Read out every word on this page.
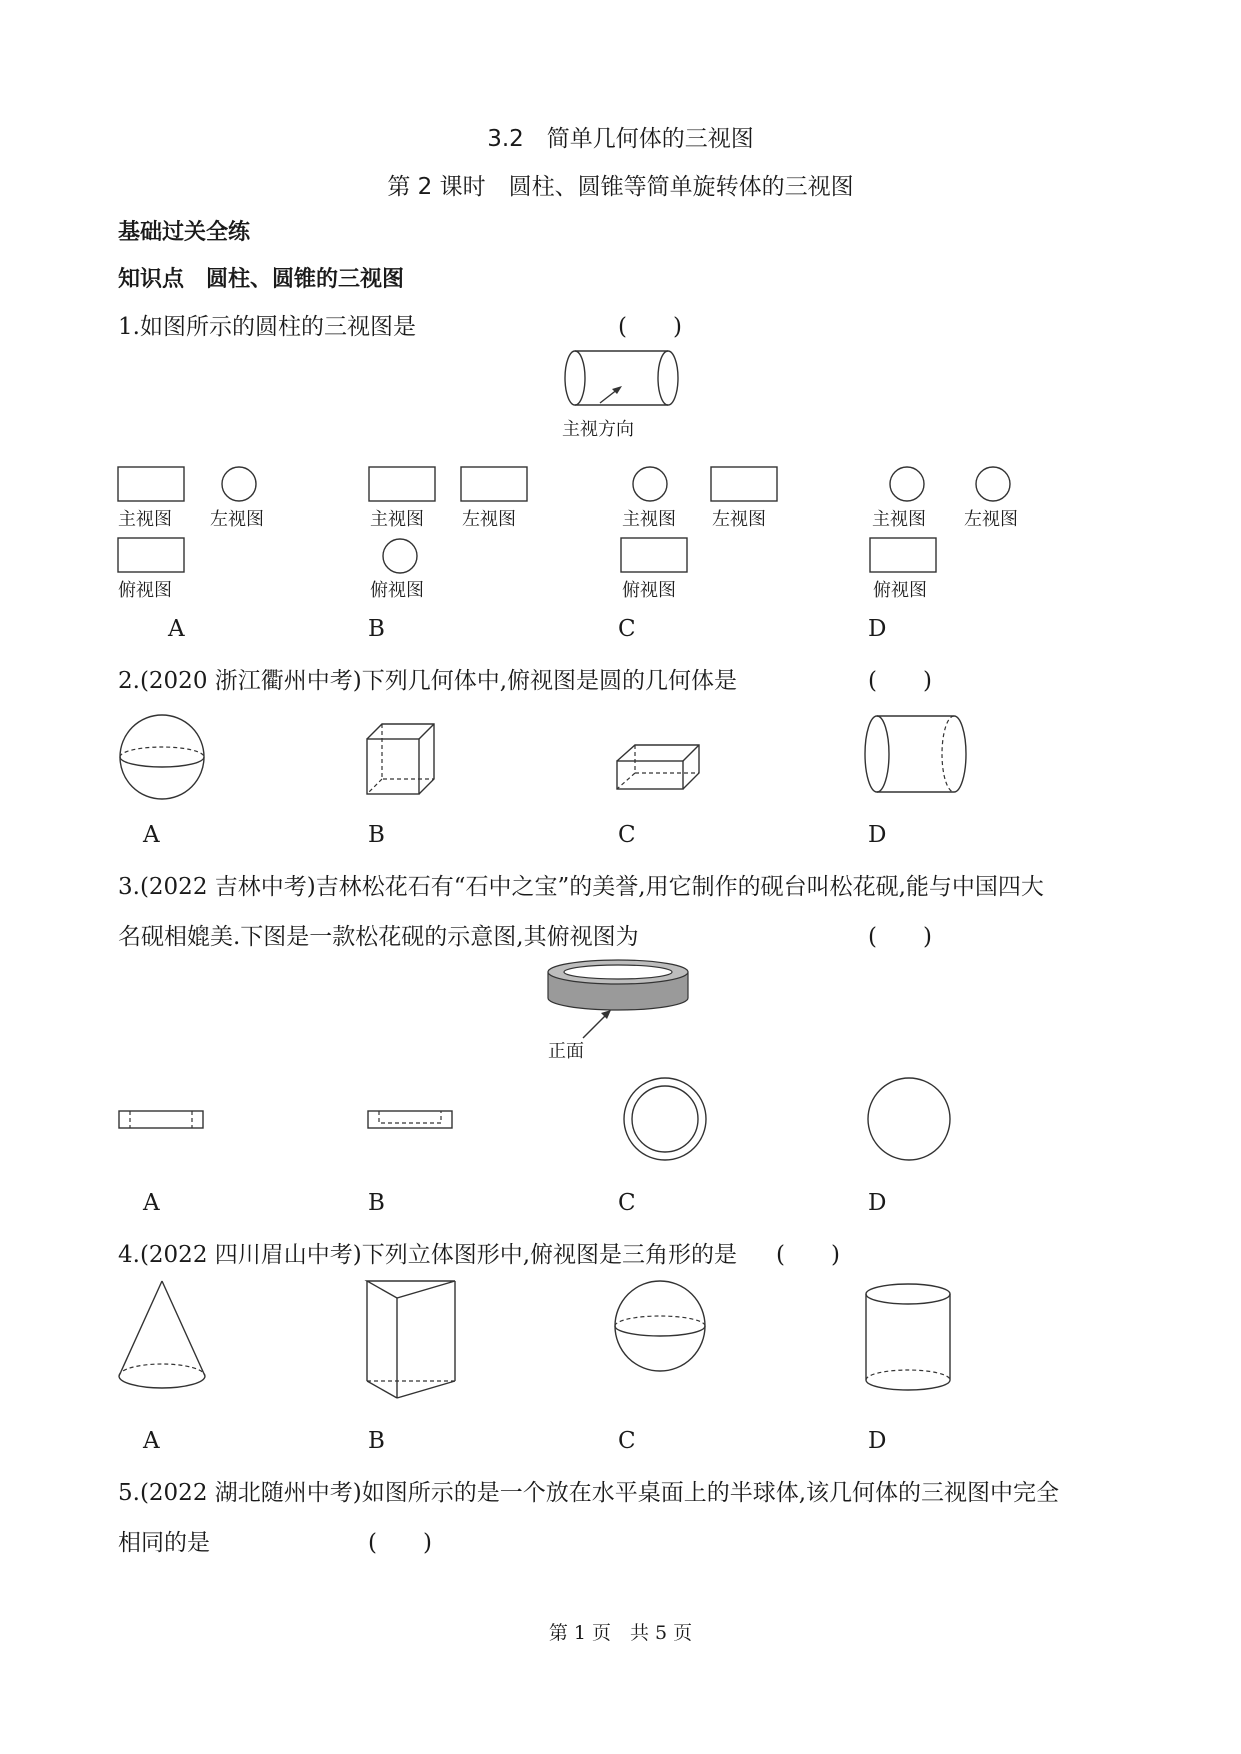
3.2　简单几何体的三视图
第 2 课时　圆柱、圆锥等简单旋转体的三视图
基础过关全练
知识点　圆柱、圆锥的三视图
1.如图所示的圆柱的三视图是	(　　)
主视方向
主视图 左视图
俯视图
A
主视图 左视图
俯视图
B
主视图 左视图
俯视图
C
主视图 左视图
俯视图
D
2.(2020 浙江衢州中考)下列几何体中,俯视图是圆的几何体是	(　　)
A	B	C	D
3.(2022 吉林中考)吉林松花石有“石中之宝”的美誉,用它制作的砚台叫松花砚,能与中国四大
名砚相媲美.下图是一款松花砚的示意图,其俯视图为	(　　)
正面
A	B	C	D
4.(2022 四川眉山中考)下列立体图形中,俯视图是三角形的是 (　　)
A	B	C	D
5.(2022 湖北随州中考)如图所示的是一个放在水平桌面上的半球体,该几何体的三视图中完全
相同的是	(　　)
第 1 页　共 5 页
